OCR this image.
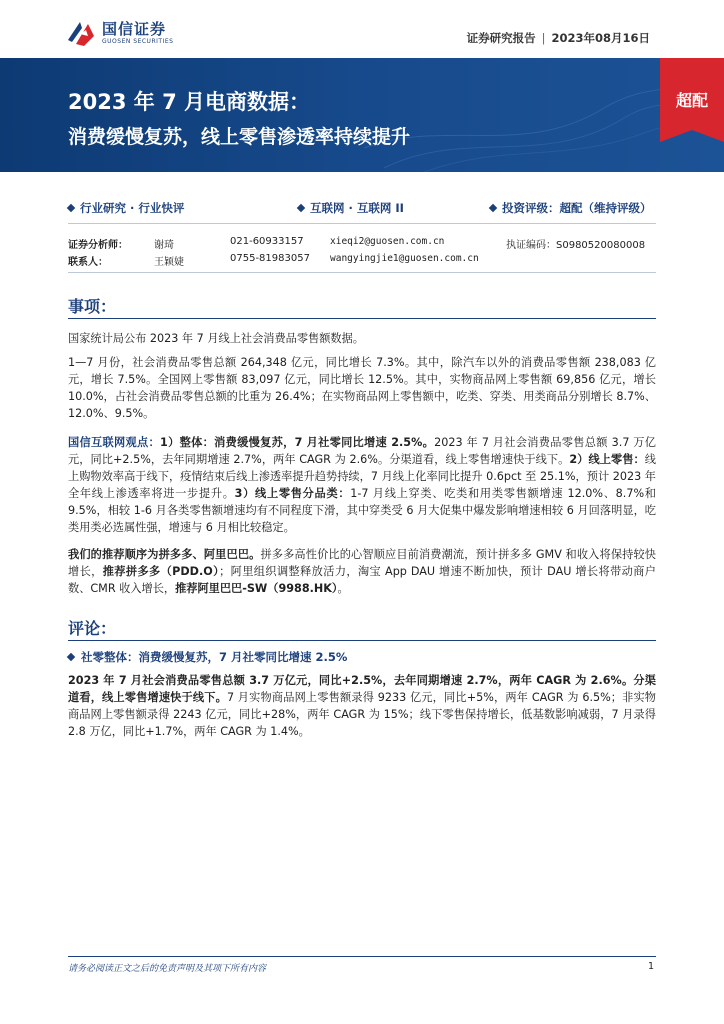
国信证券
GUOSEN SECURITIES	证券研究报告 | 2023年08月16日
2023 年 7 月电商数据：
消费缓慢复苏，线上零售渗透率持续提升
超配
行业研究 · 行业快评	互联网 · 互联网 II	投资评级：超配（维持评级）
证券分析师：	谢琦	021-60933157	xieqi2@guosen.com.cn	执证编码：S0980520080008
联系人：	王颖婕	0755-81983057 wangyingjie1@guosen.com.cn
事项：
国家统计局公布 2023 年 7 月线上社会消费品零售额数据。
1—7 月份，社会消费品零售总额 264,348 亿元，同比增长 7.3%。其中，除汽车以外的消费品零售额 238,083 亿元，增长 7.5%。全国网上零售额 83,097 亿元，同比增长 12.5%。其中，实物商品网上零售额 69,856 亿元，增长 10.0%，占社会消费品零售总额的比重为 26.4%；在实物商品网上零售额中，吃类、穿类、用类商品分别增长 8.7%、12.0%、9.5%。
国信互联网观点：1）整体：消费缓慢复苏，7 月社零同比增速 2.5%。2023 年 7 月社会消费品零售总额 3.7 万亿元，同比+2.5%，去年同期增速 2.7%，两年 CAGR 为 2.6%。分渠道看，线上零售增速快于线下。2）线上零售：线上购物效率高于线下，疫情结束后线上渗透率提升趋势持续，7 月线上化率同比提升 0.6pct 至 25.1%，预计 2023 年全年线上渗透率将进一步提升。3）线上零售分品类：1-7 月线上穿类、吃类和用类零售额增速 12.0%、8.7%和 9.5%，相较 1-6 月各类零售额增速均有不同程度下滑，其中穿类受 6 月大促集中爆发影响增速相较 6 月回落明显，吃类用类必选属性强，增速与 6 月相比较稳定。
我们的推荐顺序为拼多多、阿里巴巴。拼多多高性价比的心智顺应目前消费潮流，预计拼多多 GMV 和收入将保持较快增长，推荐拼多多（PDD.O）；阿里组织调整释放活力，淘宝 App DAU 增速不断加快，预计 DAU 增长将带动商户数、CMR 收入增长，推荐阿里巴巴-SW（9988.HK）。
评论：
社零整体：消费缓慢复苏，7 月社零同比增速 2.5%
2023 年 7 月社会消费品零售总额 3.7 万亿元，同比+2.5%，去年同期增速 2.7%，两年 CAGR 为 2.6%。分渠道看，线上零售增速快于线下。7 月实物商品网上零售额录得 9233 亿元，同比+5%，两年 CAGR 为 6.5%；非实物商品网上零售额录得 2243 亿元，同比+28%，两年 CAGR 为 15%；线下零售保持增长，低基数影响减弱，7 月录得 2.8 万亿，同比+1.7%，两年 CAGR 为 1.4%。
请务必阅读正文之后的免责声明及其项下所有内容	1
